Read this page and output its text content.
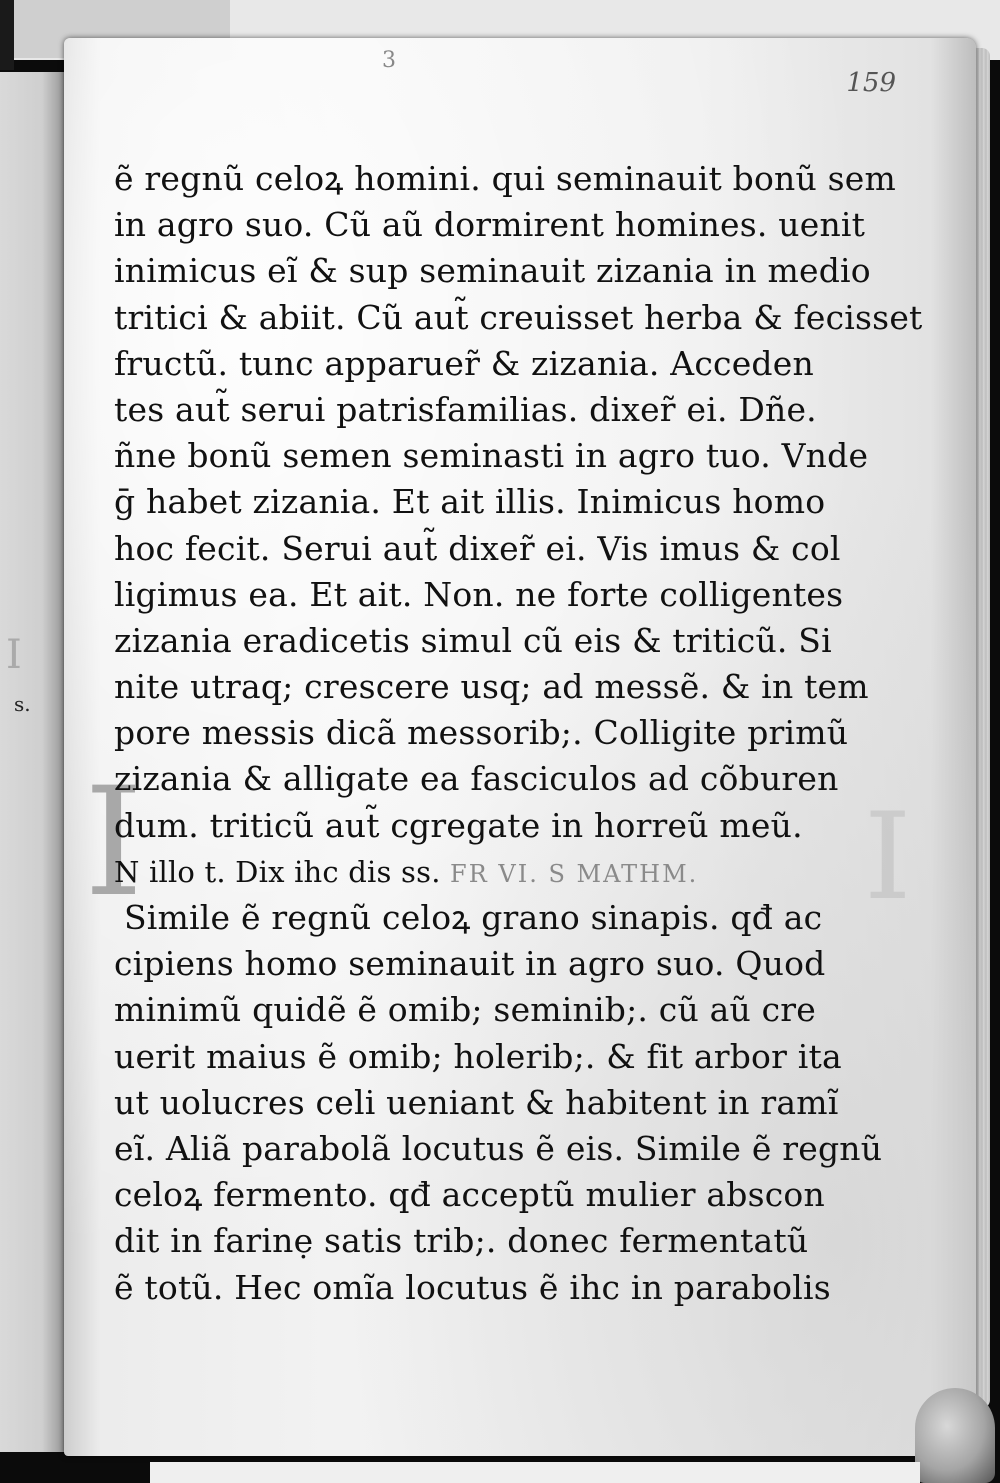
s.
I
3
159
I	I
ẽ regnũ celoꝝ homini. qui seminauit bonũ sem
in agro suo. Cũ aũ dormirent homines. uenit
inimicus eı̃ & sup seminauit zizania in medio
tritici & abiit. Cũ aut̃ creuisset herba & fecisset
fructũ. tunc apparuer̃ & zizania. Acceden
tes aut̃ serui patrisfamilias. dixer̃ ei. Dñe.
ñne bonũ semen seminasti in agro tuo. Vnde
ḡ habet zizania. Et ait illis. Inimicus homo
hoc fecit. Serui aut̃ dixer̃ ei. Vis imus & col
ligimus ea. Et ait. Non. ne forte colligentes
zizania eradicetis simul cũ eis & triticũ. Si
nite utraq; crescere usq; ad messẽ. & in tem
pore messis dicã messorib;. Colligite primũ
zizania & alligate ea fasciculos ad cõburen
dum. triticũ aut̃ cgregate in horreũ meũ.
N illo t. Dix ihc dis ss. FR VI. S MATHM.
Simile ẽ regnũ celoꝝ grano sinapis. qđ ac
cipiens homo seminauit in agro suo. Quod
minimũ quidẽ ẽ omib; seminib;. cũ aũ cre
uerit maius ẽ omib; holerib;. & fit arbor ita
ut uolucres celi ueniant & habitent in ramı̃
eı̃. Aliã parabolã locutus ẽ eis. Simile ẽ regnũ
celoꝝ fermento. qđ acceptũ mulier abscon
dit in farinẹ satis trib;. donec fermentatũ
ẽ totũ. Hec omĩa locutus ẽ ihc in parabolis
